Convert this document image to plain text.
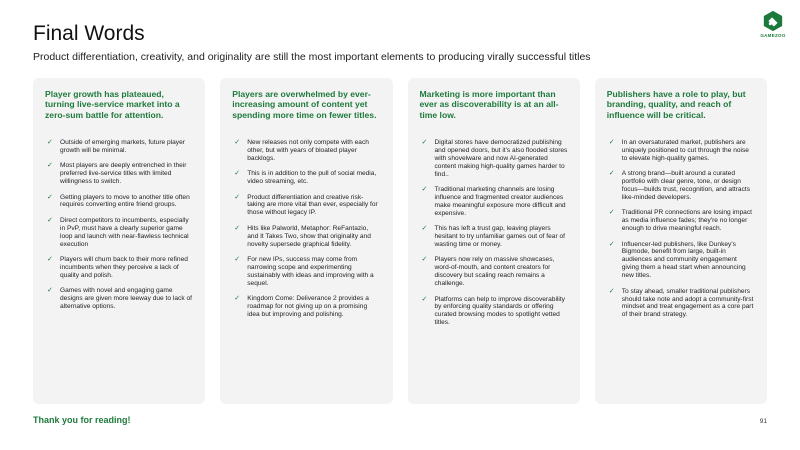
Final Words
Product differentiation, creativity, and originality are still the most important elements to producing virally successful titles
GAMEZOO
Player growth has plateaued, turning live-service market into a zero-sum battle for attention.
✓	Outside of emerging markets, future player growth will be minimal.
✓	Most players are deeply entrenched in their preferred live-service titles with limited willingness to switch.
✓	Getting players to move to another title often requires converting entire friend groups.
✓	Direct competitors to incumbents, especially in PvP, must have a clearly superior game loop and launch with near-flawless technical execution
✓	Players will churn back to their more refined incumbents when they perceive a lack of quality and polish.
✓	Games with novel and engaging game designs are given more leeway due to lack of alternative options.
Players are overwhelmed by ever-increasing amount of content yet spending more time on fewer titles.
✓	New releases not only compete with each other, but with years of bloated player backlogs.
✓	This is in addition to the pull of social media, video streaming, etc.
✓	Product differentiation and creative risk-taking are more vital than ever, especially for those without legacy IP.
✓	Hits like Palworld, Metaphor: ReFantazio, and It Takes Two, show that originality and novelty supersede graphical fidelity.
✓	For new IPs, success may come from narrowing scope and experimenting sustainably with ideas and improving with a sequel.
✓	Kingdom Come: Deliverance 2 provides a roadmap for not giving up on a promising idea but improving and polishing.
Marketing is more important than ever as discoverability is at an all-time low.
✓	Digital stores have democratized publishing and opened doors, but it's also flooded stores with shovelware and now AI-generated content making high-quality games harder to find..
✓	Traditional marketing channels are losing influence and fragmented creator audiences make meaningful exposure more difficult and expensive.
✓	This has left a trust gap, leaving players hesitant to try unfamiliar games out of fear of wasting time or money.
✓	Players now rely on massive showcases, word-of-mouth, and content creators for discovery but scaling reach remains a challenge.
✓	Platforms can help to improve discoverability by enforcing quality standards or offering curated browsing modes to spotlight vetted titles.
Publishers have a role to play, but branding, quality, and reach of influence will be critical.
✓	In an oversaturated market, publishers are uniquely positioned to cut through the noise to elevate high-quality games.
✓	A strong brand—built around a curated portfolio with clear genre, tone, or design focus—builds trust, recognition, and attracts like-minded developers.
✓	Traditional PR connections are losing impact as media influence fades; they're no longer enough to drive meaningful reach.
✓	Influencer-led publishers, like Dunkey's Bigmode, benefit from large, built-in audiences and community engagement giving them a head start when announcing new titles.
✓	To stay ahead, smaller traditional publishers should take note and adopt a community-first mindset and treat engagement as a core part of their brand strategy.
Thank you for reading!	91
